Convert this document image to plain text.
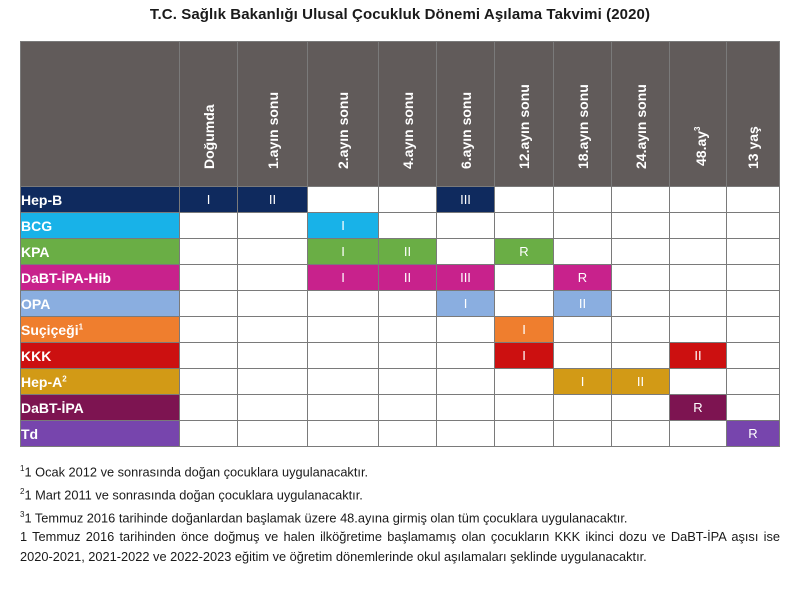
T.C. Sağlık Bakanlığı Ulusal Çocukluk Dönemi Aşılama Takvimi (2020)

	Doğumda	1.ayın sonu	2.ayın sonu	4.ayın sonu	6.ayın sonu	12.ayın sonu	18.ayın sonu	24.ayın sonu	$48.ay^3$	13 yaş

Hep-B	I	II			III					
BCG			I							
KPA			I	II		R				
DaBT-İPA-Hib			I	II	III		R			
OPA					I		II			
Suçiçeği$^1$						I				
KKK						I			II	
Hep-$A^2$							I	II		
DaBT-İPA									R	
Td										R
$^1$1 Ocak 2012 ve sonrasında doğan çocuklara uygulanacaktır.
$^2$1 Mart 2011 ve sonrasında doğan çocuklara uygulanacaktır.
$^3$1 Temmuz 2016 tarihinde doğanlardan başlamak üzere 48.ayına girmiş olan tüm çocuklara uygulanacaktır.
1 Temmuz 2016 tarihinden önce doğmuş ve halen ilköğretime başlamamış olan çocukların KKK ikinci dozu ve DaBT-İPA aşısı ise 2020-2021, 2021-2022 ve 2022-2023 eğitim ve öğretim dönemlerinde okul aşılamaları şeklinde uygulanacaktır.
